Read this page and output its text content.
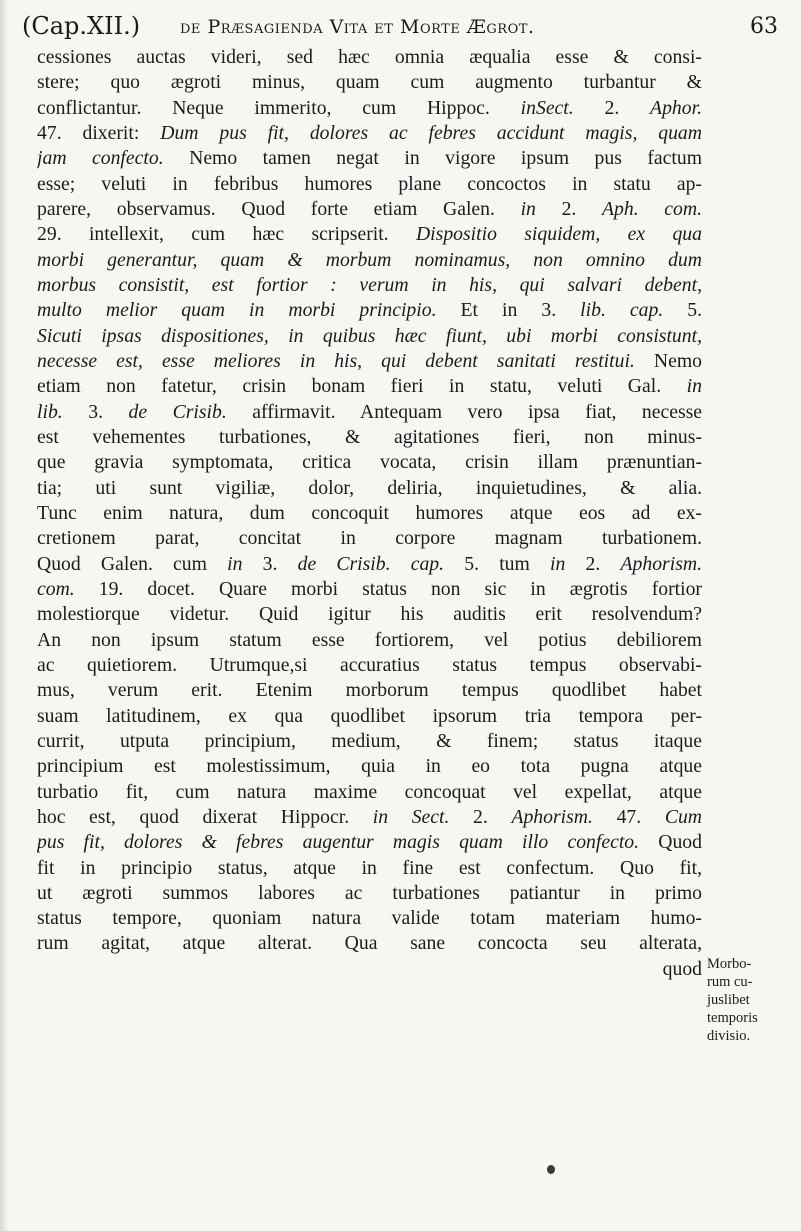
(Cap.XII.) de Præsagienda Vita et Morte Ægrot.	63
cessiones auctas videri, sed hæc omnia æqualia esse & consi-
stere; quo ægroti minus, quam cum augmento turbantur &
conflictantur. Neque immerito, cum Hippoc. inSect. 2. Aphor.
47. dixerit: Dum pus fit, dolores ac febres accidunt magis, quam
jam confecto. Nemo tamen negat in vigore ipsum pus factum
esse; veluti in febribus humores plane concoctos in statu ap-
parere, observamus. Quod forte etiam Galen. in 2. Aph. com.
29. intellexit, cum hæc scripserit. Dispositio siquidem, ex qua
morbi generantur, quam & morbum nominamus, non omnino dum
morbus consistit, est fortior : verum in his, qui salvari debent,
multo melior quam in morbi principio. Et in 3. lib. cap. 5.
Sicuti ipsas dispositiones, in quibus hæc fiunt, ubi morbi consistunt,
necesse est, esse meliores in his, qui debent sanitati restitui. Nemo
etiam non fatetur, crisin bonam fieri in statu, veluti Gal. in
lib. 3. de Crisib. affirmavit. Antequam vero ipsa fiat, necesse
est vehementes turbationes, & agitationes fieri, non minus-
que gravia symptomata, critica vocata, crisin illam prænuntian-
tia; uti sunt vigiliæ, dolor, deliria, inquietudines, & alia.
Tunc enim natura, dum concoquit humores atque eos ad ex-
cretionem parat, concitat in corpore magnam turbationem.
Quod Galen. cum in 3. de Crisib. cap. 5. tum in 2. Aphorism.
com. 19. docet. Quare morbi status non sic in ægrotis fortior
molestiorque videtur. Quid igitur his auditis erit resolvendum?
An non ipsum statum esse fortiorem, vel potius debiliorem
ac quietiorem. Utrumque,si accuratius status tempus observabi-
mus, verum erit. Etenim morborum tempus quodlibet habet
suam latitudinem, ex qua quodlibet ipsorum tria tempora per-
currit, utputa principium, medium, & finem; status itaque
principium est molestissimum, quia in eo tota pugna atque
turbatio fit, cum natura maxime concoquat vel expellat, atque
hoc est, quod dixerat Hippocr. in Sect. 2. Aphorism. 47. Cum
pus fit, dolores & febres augentur magis quam illo confecto. Quod
fit in principio status, atque in fine est confectum. Quo fit,
ut ægroti summos labores ac turbationes patiantur in primo
status tempore, quoniam natura valide totam materiam humo-
rum agitat, atque alterat. Qua sane concocta seu alterata,
quod Morbo-
rum cu-
juslibet
temporis
divisio.
